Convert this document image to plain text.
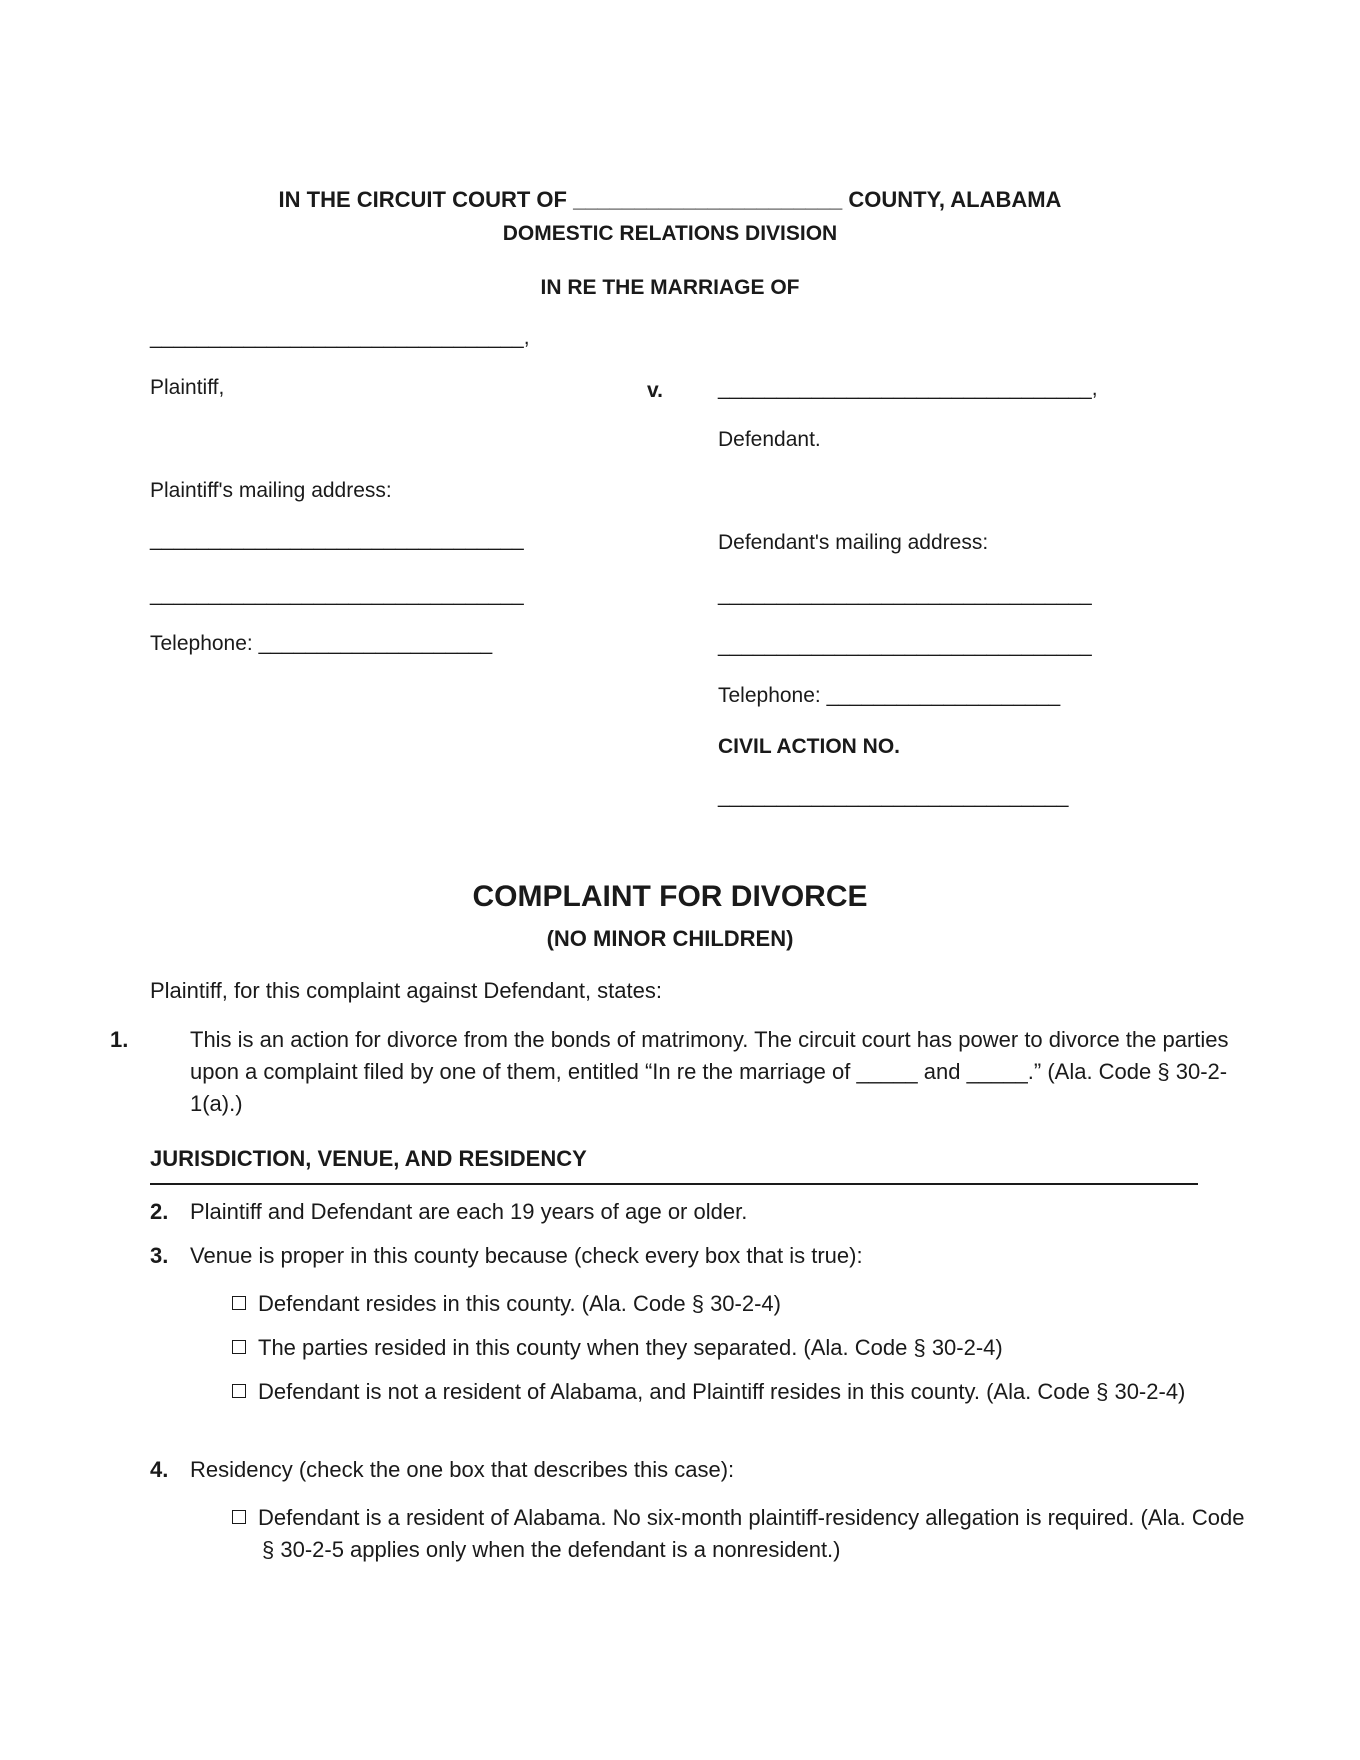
IN THE CIRCUIT COURT OF ______________________ COUNTY, ALABAMA
DOMESTIC RELATIONS DIVISION
IN RE THE MARRIAGE OF
________________________________,
Plaintiff,	v.	________________________________,
Defendant.
Plaintiff's mailing address:
________________________________
________________________________
Telephone: ____________________
Defendant's mailing address:
________________________________
________________________________
Telephone: ____________________
CIVIL ACTION NO.
______________________________
COMPLAINT FOR DIVORCE
(NO MINOR CHILDREN)
Plaintiff, for this complaint against Defendant, states:
1.	This is an action for divorce from the bonds of matrimony. The circuit court has power to divorce the parties upon a complaint filed by one of them, entitled “In re the marriage of _____ and _____.” (Ala. Code § 30-2-1(a).)
JURISDICTION, VENUE, AND RESIDENCY
2. Plaintiff and Defendant are each 19 years of age or older.
3. Venue is proper in this county because (check every box that is true):
Defendant resides in this county. (Ala. Code § 30-2-4)
The parties resided in this county when they separated. (Ala. Code § 30-2-4)
Defendant is not a resident of Alabama, and Plaintiff resides in this county. (Ala. Code § 30-2-4)
4. Residency (check the one box that describes this case):
Defendant is a resident of Alabama. No six-month plaintiff-residency allegation is required. (Ala. Code § 30-2-5 applies only when the defendant is a nonresident.)
